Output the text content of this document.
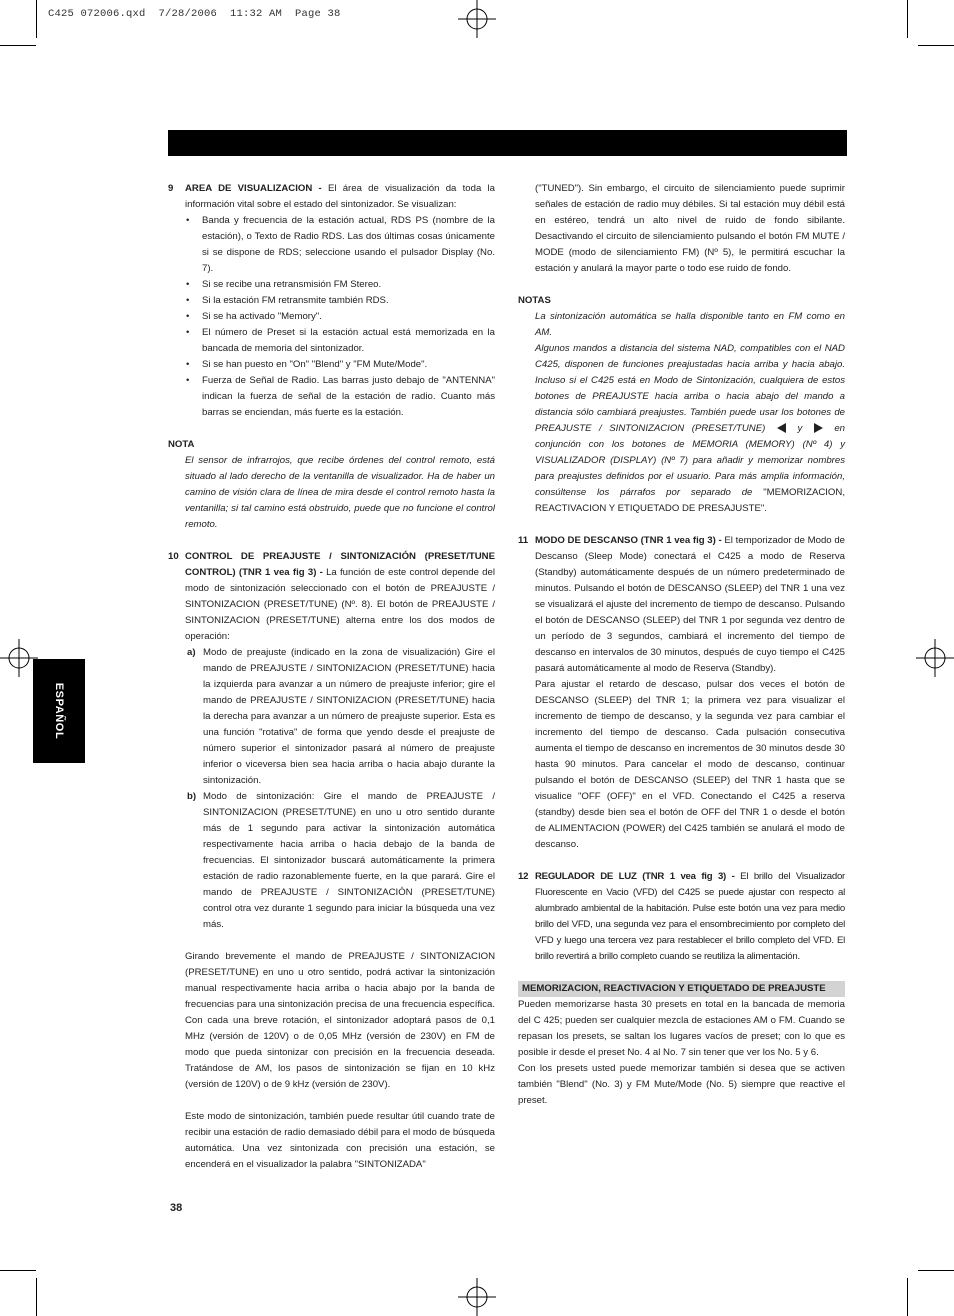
C425 072006.qxd  7/28/2006  11:32 AM  Page 38
ESPAÑOL

9 AREA DE VISUALIZACION - El área de visualización da toda la información vital sobre el estado del sintonizador. Se visualizan:

• Banda y frecuencia de la estación actual, RDS PS (nombre de la estación), o Texto de Radio RDS. Las dos últimas cosas únicamente si se dispone de RDS; seleccione usando el pulsador Display (No. 7).

• Si se recibe una retransmisión FM Stereo.

• Si la estación FM retransmite también RDS.

• Si se ha activado "Memory".

• El número de Preset si la estación actual está memorizada en la bancada de memoria del sintonizador.

• Si se han puesto en "On" "Blend" y "FM Mute/Mode".

• Fuerza de Señal de Radio. Las barras justo debajo de "ANTENNA" indican la fuerza de señal de la estación de radio. Cuanto más barras se enciendan, más fuerte es la estación.

NOTA

El sensor de infrarrojos, que recibe órdenes del control remoto, está situado al lado derecho de la ventanilla de visualizador. Ha de haber un camino de visión clara de línea de mira desde el control remoto hasta la ventanilla; si tal camino está obstruido, puede que no funcione el control remoto.

10 CONTROL DE PREAJUSTE / SINTONIZACIÓN (PRESET/TUNE CONTROL) (TNR 1 vea fig 3) - La función de este control depende del modo de sintonización seleccionado con el botón de PREAJUSTE / SINTONIZACION (PRESET/TUNE) (Nº. 8). El botón de PREAJUSTE / SINTONIZACION (PRESET/TUNE) alterna entre los dos modos de operación:

a) Modo de preajuste (indicado en la zona de visualización) Gire el mando de PREAJUSTE / SINTONIZACION (PRESET/TUNE) hacia la izquierda para avanzar a un número de preajuste inferior; gire el mando de PREAJUSTE / SINTONIZACION (PRESET/TUNE) hacia la derecha para avanzar a un número de preajuste superior. Esta es una función "rotativa" de forma que yendo desde el preajuste de número superior el sintonizador pasará al número de preajuste inferior o viceversa bien sea hacia arriba o hacia abajo durante la sintonización.

b) Modo de sintonización: Gire el mando de PREAJUSTE / SINTONIZACION (PRESET/TUNE) en uno u otro sentido durante más de 1 segundo para activar la sintonización automática respectivamente hacia arriba o hacia debajo de la banda de frecuencias. El sintonizador buscará automáticamente la primera estación de radio razonablemente fuerte, en la que parará. Gire el mando de PREAJUSTE / SINTONIZACIÓN (PRESET/TUNE) control otra vez durante 1 segundo para iniciar la búsqueda una vez más.

Girando brevemente el mando de PREAJUSTE / SINTONIZACION (PRESET/TUNE) en uno u otro sentido, podrá activar la sintonización manual respectivamente hacia arriba o hacia abajo por la banda de frecuencias para una sintonización precisa de una frecuencia específica. Con cada una breve rotación, el sintonizador adoptará pasos de 0,1 MHz (versión de 120V) o de 0,05 MHz (versión de 230V) en FM de modo que pueda sintonizar con precisión en la frecuencia deseada. Tratándose de AM, los pasos de sintonización se fijan en 10 kHz (versión de 120V) o de 9 kHz (versión de 230V).

Este modo de sintonización, también puede resultar útil cuando trate de recibir una estación de radio demasiado débil para el modo de búsqueda automática. Una vez sintonizada con precisión una estación, se encenderá en el visualizador la palabra "SINTONIZADA"

("TUNED"). Sin embargo, el circuito de silenciamiento puede suprimir señales de estación de radio muy débiles. Si tal estación muy débil está en estéreo, tendrá un alto nivel de ruido de fondo sibilante. Desactivando el circuito de silenciamiento pulsando el botón FM MUTE / MODE (modo de silenciamiento FM) (Nº 5), le permitirá escuchar la estación y anulará la mayor parte o todo ese ruido de fondo.

NOTAS

La sintonización automática se halla disponible tanto en FM como en AM.

Algunos mandos a distancia del sistema NAD, compatibles con el NAD C425, disponen de funciones preajustadas hacia arriba y hacia abajo. Incluso si el C425 está en Modo de Sintonización, cualquiera de estos botones de PREAJUSTE hacia arriba o hacia abajo del mando a distancia sólo cambiará preajustes. También puede usar los botones de PREAJUSTE / SINTONIZACION (PRESET/TUNE)	y	en conjunción con los botones de MEMORIA (MEMORY) (Nº 4) y VISUALIZADOR (DISPLAY) (Nº 7) para añadir y memorizar nombres para preajustes definidos por el usuario. Para más amplia información, consúltense los párrafos por separado de "MEMORIZACION, REACTIVACION Y ETIQUETADO DE PRESAJUSTE".

11 MODO DE DESCANSO (TNR 1 vea fig 3) - El temporizador de Modo de Descanso (Sleep Mode) conectará el C425 a modo de Reserva (Standby) automáticamente después de un número predeterminado de minutos. Pulsando el botón de DESCANSO (SLEEP) del TNR 1 una vez se visualizará el ajuste del incremento de tiempo de descanso. Pulsando el botón de DESCANSO (SLEEP) del TNR 1 por segunda vez dentro de un período de 3 segundos, cambiará el incremento del tiempo de descanso en intervalos de 30 minutos, después de cuyo tiempo el C425 pasará automáticamente al modo de Reserva (Standby).

Para ajustar el retardo de descaso, pulsar dos veces el botón de DESCANSO (SLEEP) del TNR 1; la primera vez para visualizar el incremento de tiempo de descanso, y la segunda vez para cambiar el incremento del tiempo de descanso. Cada pulsación consecutiva aumenta el tiempo de descanso en incrementos de 30 minutos desde 30 hasta 90 minutos. Para cancelar el modo de descanso, continuar pulsando el botón de DESCANSO (SLEEP) del TNR 1 hasta que se visualice "OFF (OFF)" en el VFD. Conectando el C425 a reserva (standby) desde bien sea el botón de OFF del TNR 1 o desde el botón de ALIMENTACION (POWER) del C425 también se anulará el modo de descanso.

12 REGULADOR DE LUZ (TNR 1 vea fig 3) - El brillo del Visualizador Fluorescente en Vacio (VFD) del C425 se puede ajustar con respecto al alumbrado ambiental de la habitación. Pulse este botón una vez para medio brillo del VFD, una segunda vez para el ensombrecimiento por completo del VFD y luego una tercera vez para restablecer el brillo completo del VFD. El brillo revertirá a brillo completo cuando se reutiliza la alimentación.

MEMORIZACION, REACTIVACION Y ETIQUETADO DE PREAJUSTE

Pueden memorizarse hasta 30 presets en total en la bancada de memoria del C 425; pueden ser cualquier mezcla de estaciones AM o FM. Cuando se repasan los presets, se saltan los lugares vacíos de preset; con lo que es posible ir desde el preset No. 4 al No. 7 sin tener que ver los No. 5 y 6.

Con los presets usted puede memorizar también si desea que se activen también "Blend" (No. 3) y FM Mute/Mode (No. 5) siempre que reactive el preset.

38
